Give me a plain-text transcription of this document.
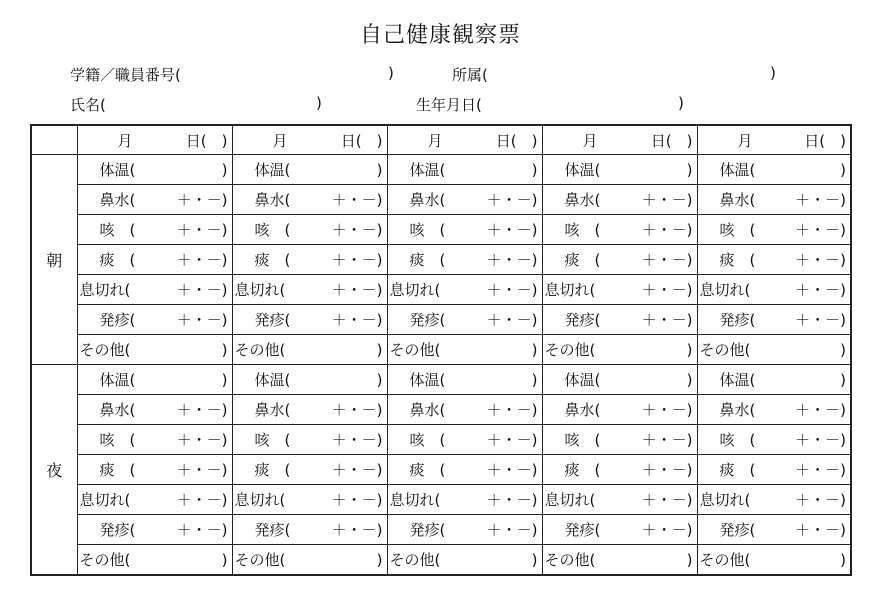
自己健康観察票
学籍／職員番号(	)	所属(	)
氏名(	)	生年月日(	)

	月 日(　)	月 日(　)	月 日(　)	月 日(　)	月 日(　)

朝	体温( )	体温( )	体温( )	体温( )	体温( )

	鼻水( ＋・－)	鼻水( ＋・－)	鼻水( ＋・－)	鼻水( ＋・－)	鼻水( ＋・－)

	咳　( ＋・－)	咳　( ＋・－)	咳　( ＋・－)	咳　( ＋・－)	咳　( ＋・－)

	痰　( ＋・－)	痰　( ＋・－)	痰　( ＋・－)	痰　( ＋・－)	痰　( ＋・－)

	息切れ( ＋・－)	息切れ( ＋・－)	息切れ( ＋・－)	息切れ( ＋・－)	息切れ( ＋・－)

	発疹( ＋・－)	発疹( ＋・－)	発疹( ＋・－)	発疹( ＋・－)	発疹( ＋・－)

	その他( )	その他( )	その他( )	その他( )	その他( )

夜	体温( )	体温( )	体温( )	体温( )	体温( )

	鼻水( ＋・－)	鼻水( ＋・－)	鼻水( ＋・－)	鼻水( ＋・－)	鼻水( ＋・－)

	咳　( ＋・－)	咳　( ＋・－)	咳　( ＋・－)	咳　( ＋・－)	咳　( ＋・－)

	痰　( ＋・－)	痰　( ＋・－)	痰　( ＋・－)	痰　( ＋・－)	痰　( ＋・－)

	息切れ( ＋・－)	息切れ( ＋・－)	息切れ( ＋・－)	息切れ( ＋・－)	息切れ( ＋・－)

	発疹( ＋・－)	発疹( ＋・－)	発疹( ＋・－)	発疹( ＋・－)	発疹( ＋・－)

	その他( )	その他( )	その他( )	その他( )	その他( )
